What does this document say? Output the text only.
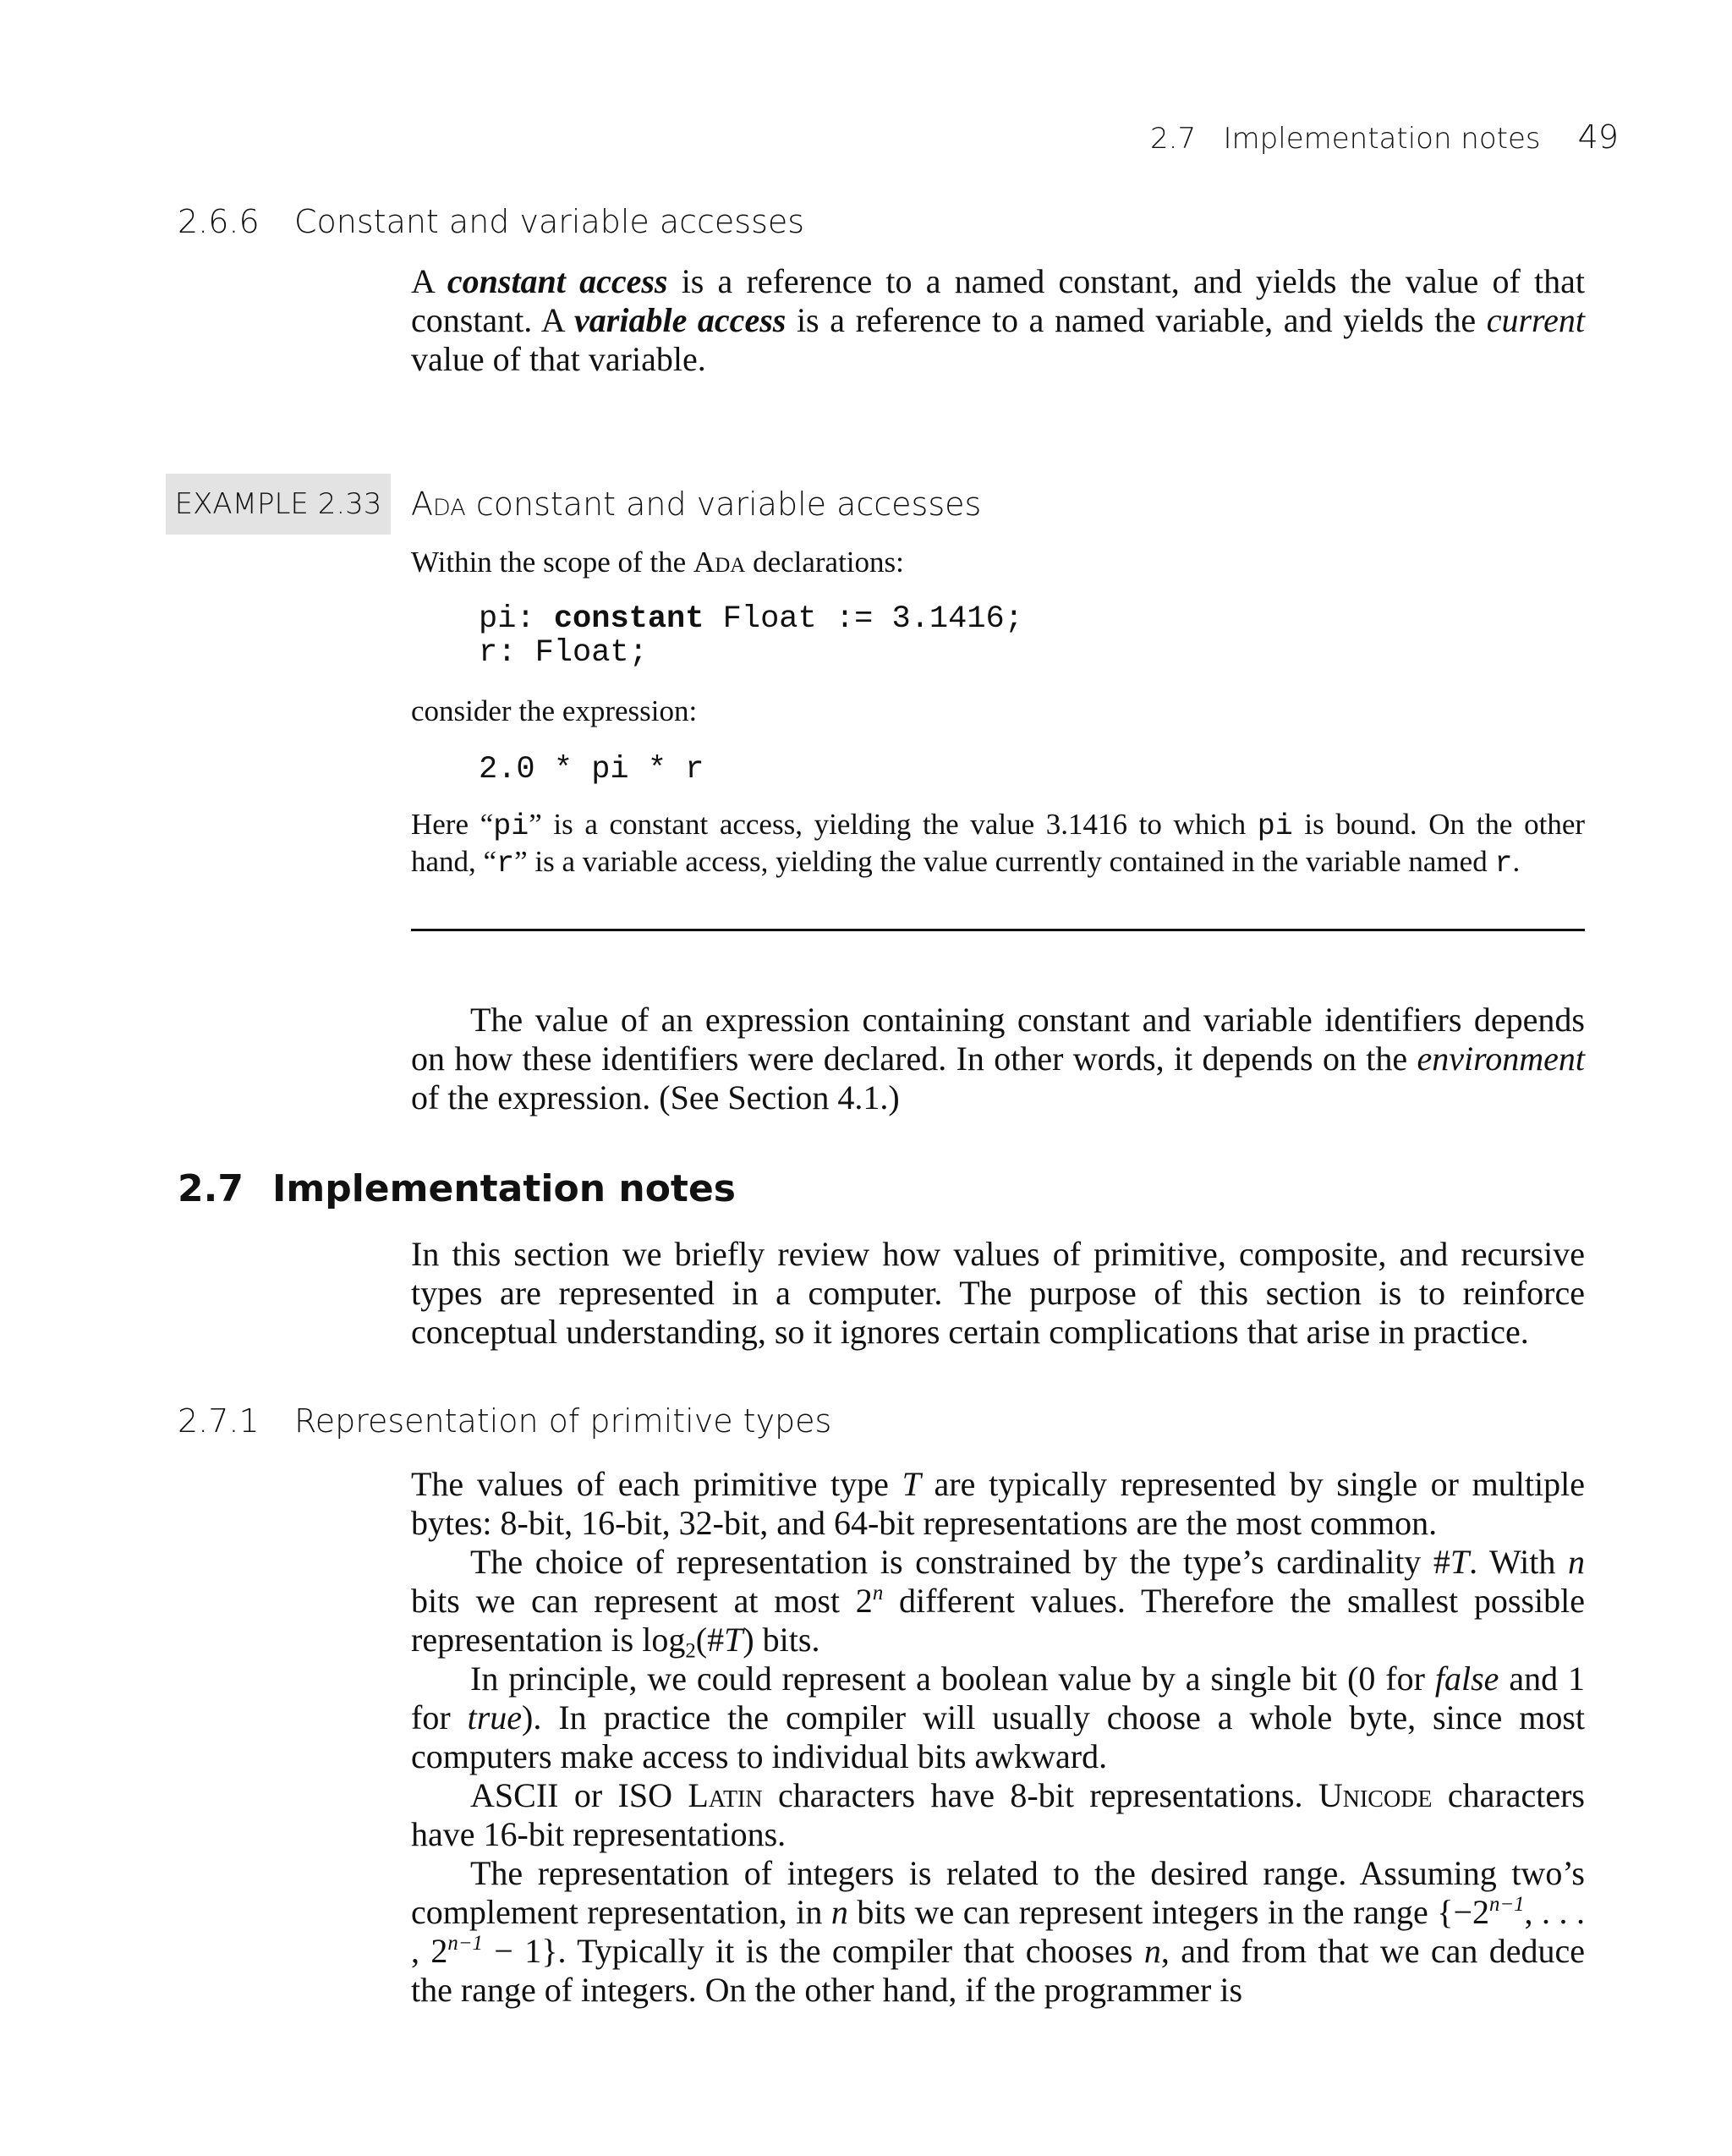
2.7 Implementation notes 49
2.6.6 Constant and variable accesses

A constant access is a reference to a named constant, and yields the value of that constant. A variable access is a reference to a named variable, and yields the current value of that variable.

EXAMPLE 2.33 Ada constant and variable accesses

Within the scope of the Ada declarations:

pi: constant Float := 3.1416;
r: Float;

consider the expression:

2.0 * pi * r

Here “pi” is a constant access, yielding the value 3.1416 to which pi is bound. On the other hand, “r” is a variable access, yielding the value currently contained in the variable named r.

The value of an expression containing constant and variable identifiers depends on how these identifiers were declared. In other words, it depends on the environment of the expression. (See Section 4.1.)

2.7 Implementation notes

In this section we briefly review how values of primitive, composite, and recursive types are represented in a computer. The purpose of this section is to reinforce conceptual understanding, so it ignores certain complications that arise in practice.

2.7.1 Representation of primitive types

The values of each primitive type T are typically represented by single or multiple bytes: 8-bit, 16-bit, 32-bit, and 64-bit representations are the most common.

The choice of representation is constrained by the type’s cardinality #T. With n bits we can represent at most 2$^n$ different values. Therefore the smallest possible representation is $\log_2(\#T)$ bits.

In principle, we could represent a boolean value by a single bit (0 for false and 1 for true). In practice the compiler will usually choose a whole byte, since most computers make access to individual bits awkward.

ASCII or ISO Latin characters have 8-bit representations. Unicode characters have 16-bit representations.

The representation of integers is related to the desired range. Assuming two’s complement representation, in n bits we can represent integers in the range {$-2^{n-1}$, . . . , $2^{n-1} - 1$}. Typically it is the compiler that chooses n, and from that we can deduce the range of integers. On the other hand, if the programmer is
